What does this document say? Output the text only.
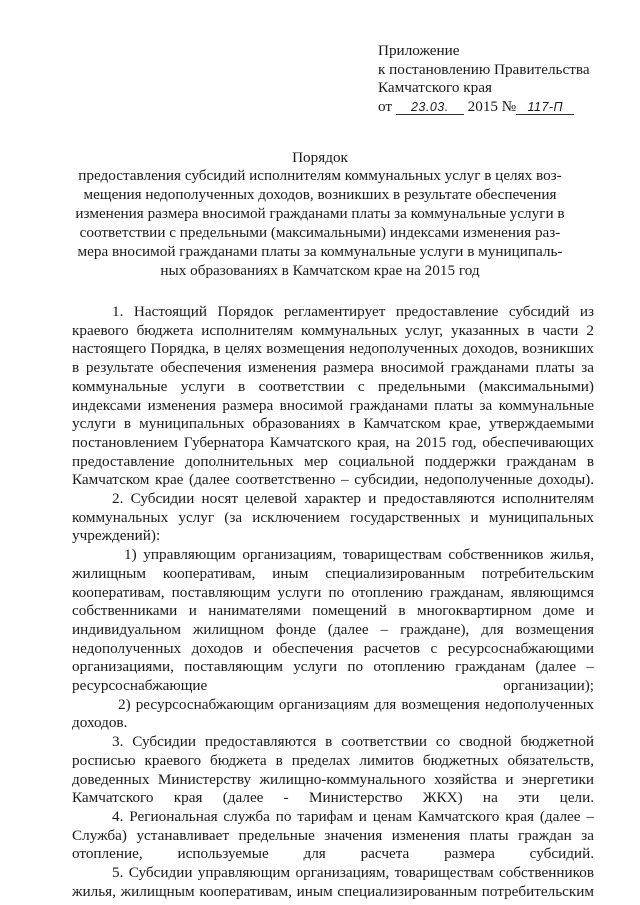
Приложение
к постановлению Правительства
Камчатского края
от 23.03. 2015 № 117-П
Порядок
предоставления субсидий исполнителям коммунальных услуг в целях воз-
мещения недополученных доходов, возникших в результате обеспечения
изменения размера вносимой гражданами платы за коммунальные услуги в
соответствии с предельными (максимальными) индексами изменения раз-
мера вносимой гражданами платы за коммунальные услуги в муниципаль-
ных образованиях в Камчатском крае на 2015 год

1. Настоящий Порядок регламентирует предоставление субсидий из краевого бюджета исполнителям коммунальных услуг, указанных в части 2 настоящего Порядка, в целях возмещения недополученных доходов, возникших в результате обеспечения изменения размера вносимой гражданами платы за коммунальные услуги в соответствии с предельными (максимальными) индексами изменения размера вносимой гражданами платы за коммунальные услуги в муниципальных образованиях в Камчатском крае, утверждаемыми постановлением Губернатора Камчатского края, на 2015 год, обеспечивающих предоставление дополнительных мер социальной поддержки гражданам в Камчатском крае (далее соответственно – субсидии, недополученные доходы).

2. Субсидии носят целевой характер и предоставляются исполнителям коммунальных услуг (за исключением государственных и муниципальных учреждений):

1) управляющим организациям, товариществам собственников жилья, жилищным кооперативам, иным специализированным потребительским кооперативам, поставляющим услуги по отоплению гражданам, являющимся собственниками и нанимателями помещений в многоквартирном доме и индивидуальном жилищном фонде (далее – граждане), для возмещения недополученных доходов и обеспечения расчетов с ресурсоснабжающими организациями, поставляющим услуги по отоплению гражданам (далее – ресурсоснабжающие организации);

2) ресурсоснабжающим организациям для возмещения недополученных доходов.

3. Субсидии предоставляются в соответствии со сводной бюджетной росписью краевого бюджета в пределах лимитов бюджетных обязательств, доведенных Министерству жилищно-коммунального хозяйства и энергетики Камчатского края (далее - Министерство ЖКХ) на эти цели.

4. Региональная служба по тарифам и ценам Камчатского края (далее – Служба) устанавливает предельные значения изменения платы граждан за отопление, используемые для расчета размера субсидий.

5. Субсидии управляющим организациям, товариществам собственников жилья, жилищным кооперативам, иным специализированным потребительским
